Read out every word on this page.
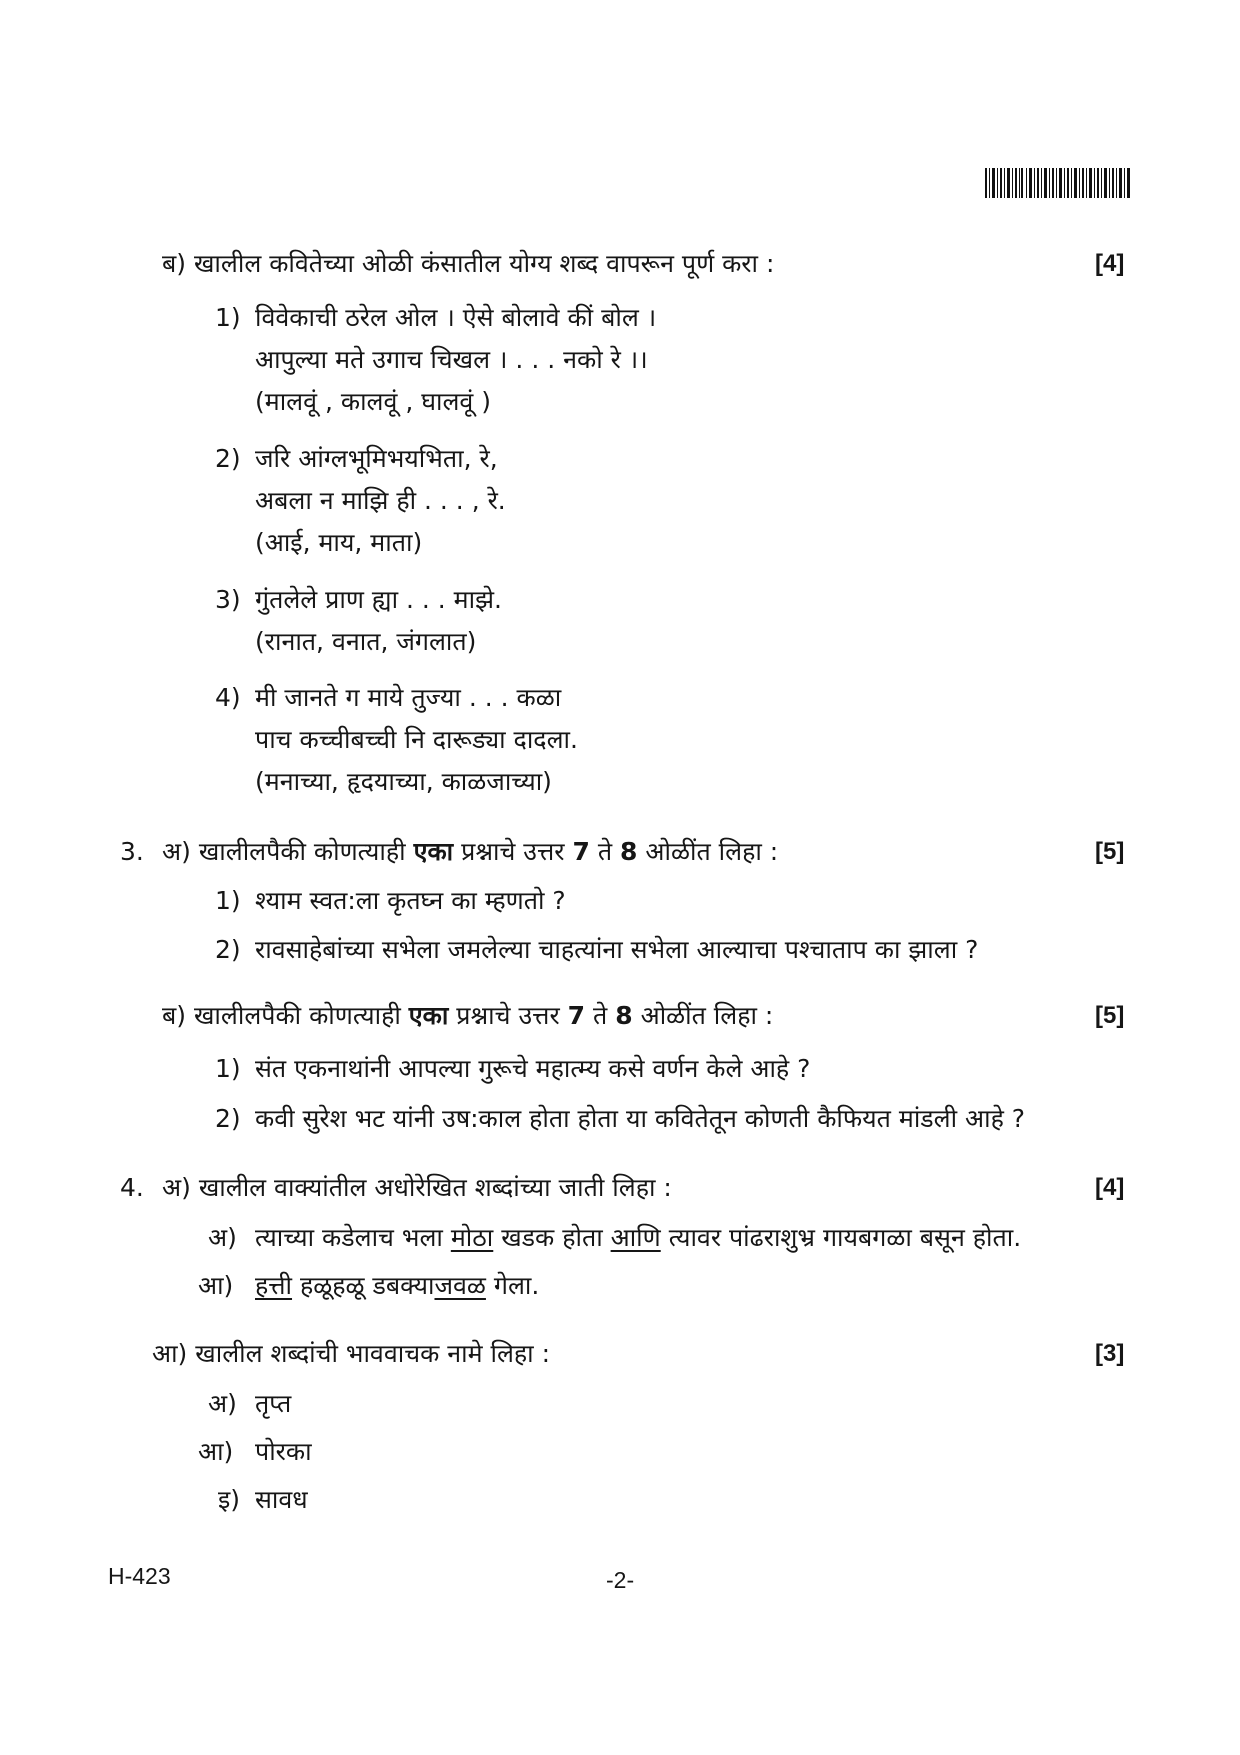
ब) खालील कवितेच्या ओळी कंसातील योग्य शब्द वापरून पूर्ण करा :	[4]
1) विवेकाची ठरेल ओल । ऐसे बोलावे कीं बोल ।
आपुल्या मते उगाच चिखल । . . . नको रे ।।
(मालवूं , कालवूं , घालवूं )
2) जरि आंग्लभूमिभयभिता, रे,
अबला न माझि ही . . . , रे.
(आई, माय, माता)
3) गुंतलेले प्राण ह्या . . . माझे.
(रानात, वनात, जंगलात)
4) मी जानते ग माये तुज्या . . . कळा
पाच कच्चीबच्ची नि दारूड्या दादला.
(मनाच्या, हृदयाच्या, काळजाच्या)
3. अ) खालीलपैकी कोणत्याही एका प्रश्नाचे उत्तर 7 ते 8 ओळींत लिहा :	[5]
1) श्याम स्वत:ला कृतघ्न का म्हणतो ?
2) रावसाहेबांच्या सभेला जमलेल्या चाहत्यांना सभेला आल्याचा पश्चाताप का झाला ?
ब) खालीलपैकी कोणत्याही एका प्रश्नाचे उत्तर 7 ते 8 ओळींत लिहा :	[5]
1) संत एकनाथांनी आपल्या गुरूचे महात्म्य कसे वर्णन केले आहे ?
2) कवी सुरेश भट यांनी उष:काल होता होता या कवितेतून कोणती कैफियत मांडली आहे ?
4. अ) खालील वाक्यांतील अधोरेखित शब्दांच्या जाती लिहा :	[4]
अ) त्याच्या कडेलाच भला मोठा खडक होता आणि त्यावर पांढराशुभ्र गायबगळा बसून होता.
आ) हत्ती हळूहळू डबक्याजवळ गेला.
आ) खालील शब्दांची भाववाचक नामे लिहा :	[3]
अ) तृप्त
आ) पोरका
इ) सावध
H-423	-2-
